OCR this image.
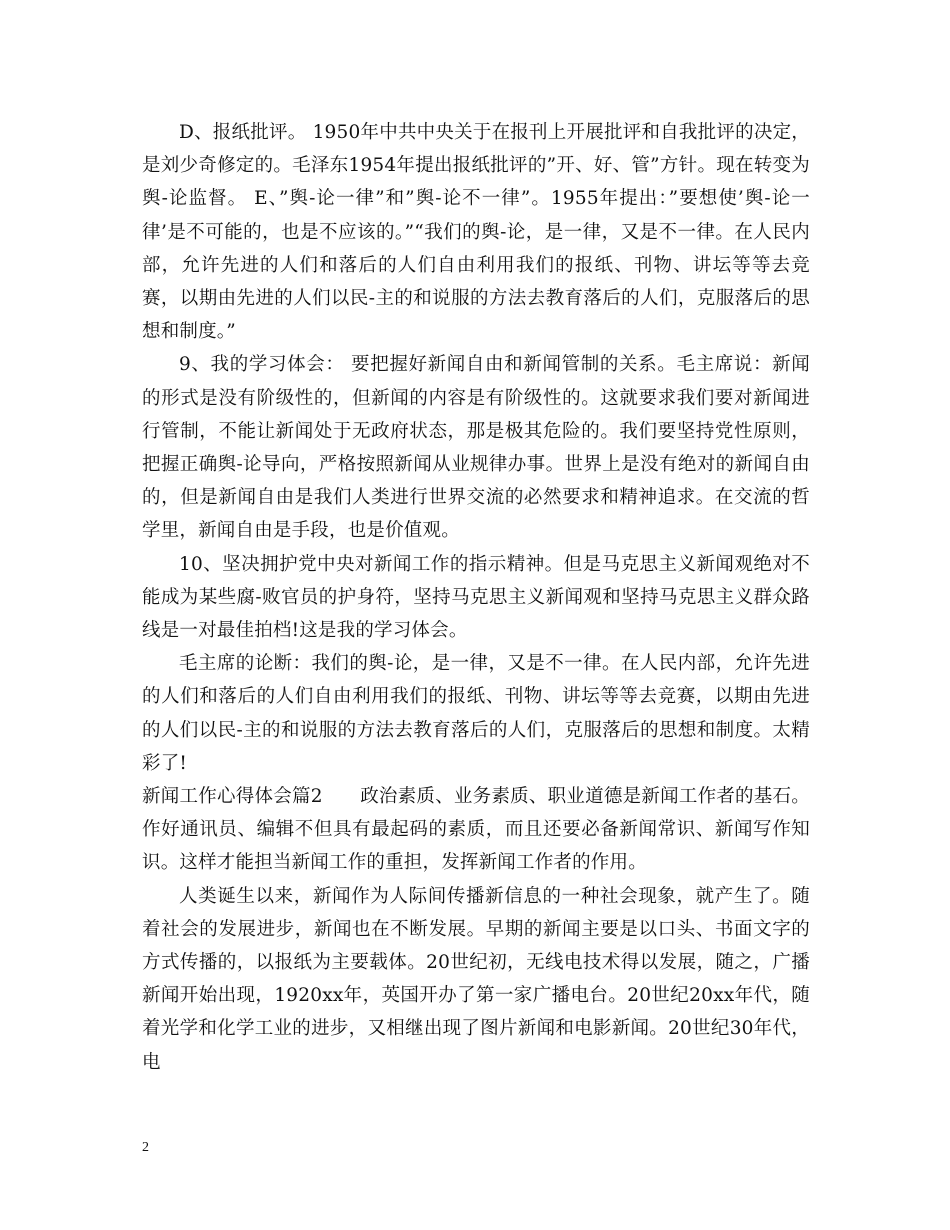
D、报纸批评。 1950年中共中央关于在报刊上开展批评和自我批评的决定，是刘少奇修定的。毛泽东1954年提出报纸批评的”开、好、管”方针。现在转变为舆-论监督。 E、”舆-论一律”和”舆-论不一律”。1955年提出：”要想使’舆-论一律’是不可能的，也是不应该的。”“我们的舆-论，是一律，又是不一律。在人民内部，允许先进的人们和落后的人们自由利用我们的报纸、刊物、讲坛等等去竞赛，以期由先进的人们以民-主的和说服的方法去教育落后的人们，克服落后的思想和制度。”

9、我的学习体会： 要把握好新闻自由和新闻管制的关系。毛主席说：新闻的形式是没有阶级性的，但新闻的内容是有阶级性的。这就要求我们要对新闻进行管制，不能让新闻处于无政府状态，那是极其危险的。我们要坚持党性原则，把握正确舆-论导向，严格按照新闻从业规律办事。世界上是没有绝对的新闻自由的，但是新闻自由是我们人类进行世界交流的必然要求和精神追求。在交流的哲学里，新闻自由是手段，也是价值观。

10、坚决拥护党中央对新闻工作的指示精神。但是马克思主义新闻观绝对不能成为某些腐-败官员的护身符，坚持马克思主义新闻观和坚持马克思主义群众路线是一对最佳拍档!这是我的学习体会。

毛主席的论断：我们的舆-论，是一律，又是不一律。在人民内部，允许先进的人们和落后的人们自由利用我们的报纸、刊物、讲坛等等去竞赛，以期由先进的人们以民-主的和说服的方法去教育落后的人们，克服落后的思想和制度。太精彩了!

新闻工作心得体会篇2　　政治素质、业务素质、职业道德是新闻工作者的基石。作好通讯员、编辑不但具有最起码的素质，而且还要必备新闻常识、新闻写作知识。这样才能担当新闻工作的重担，发挥新闻工作者的作用。

人类诞生以来，新闻作为人际间传播新信息的一种社会现象，就产生了。随着社会的发展进步，新闻也在不断发展。早期的新闻主要是以口头、书面文字的方式传播的，以报纸为主要载体。20世纪初，无线电技术得以发展，随之，广播新闻开始出现，1920xx年，英国开办了第一家广播电台。20世纪20xx年代，随着光学和化学工业的进步，又相继出现了图片新闻和电影新闻。20世纪30年代，电

2
